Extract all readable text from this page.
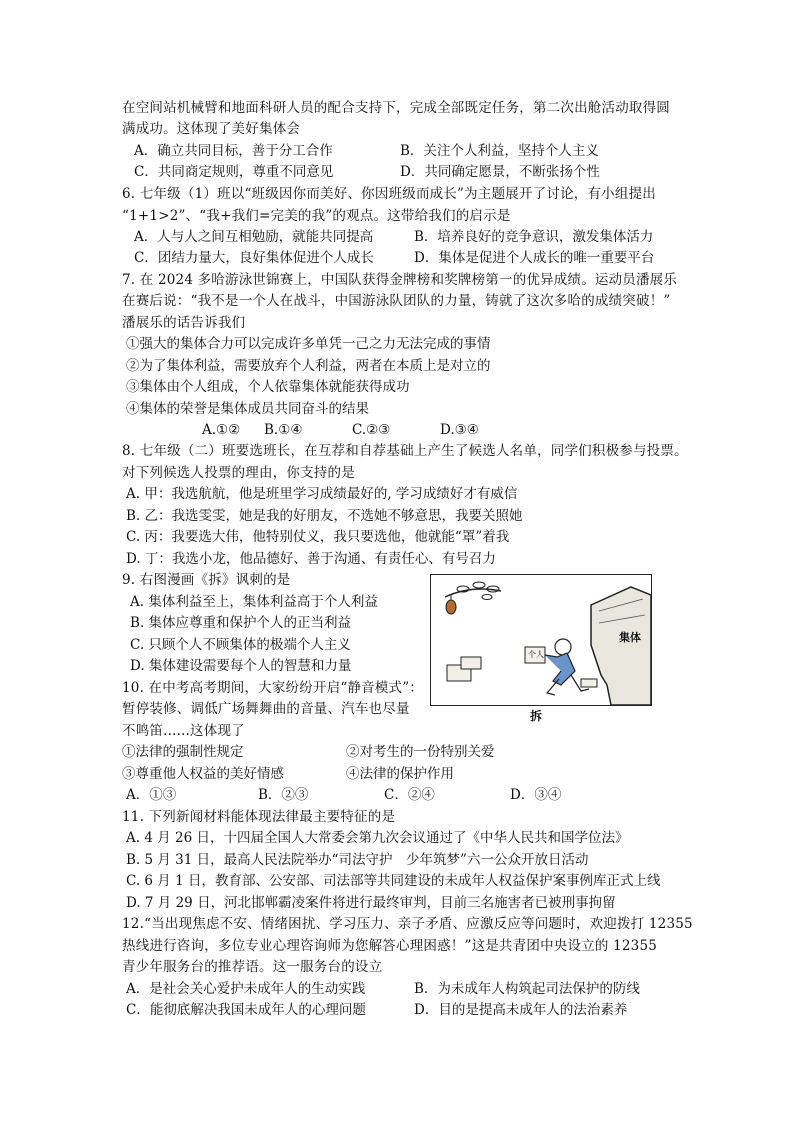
在空间站机械臂和地面科研人员的配合支持下，完成全部既定任务，第二次出舱活动取得圆
满成功。这体现了美好集体会
A．确立共同目标，善于分工合作	B．关注个人利益，坚持个人主义
C．共同商定规则，尊重不同意见	D．共同确定愿景，不断张扬个性
6. 七年级（1）班以“班级因你而美好、你因班级而成长”为主题展开了讨论，有小组提出
“1+1>2”、“我+我们=完美的我”的观点。这带给我们的启示是
A．人与人之间互相勉励，就能共同提高	B．培养良好的竞争意识，激发集体活力
C．团结力量大，良好集体促进个人成长	D．集体是促进个人成长的唯一重要平台
7. 在 2024 多哈游泳世锦赛上，中国队获得金牌榜和奖牌榜第一的优异成绩。运动员潘展乐
在赛后说：“我不是一个人在战斗，中国游泳队团队的力量，铸就了这次多哈的成绩突破！”
潘展乐的话告诉我们
①强大的集体合力可以完成许多单凭一己之力无法完成的事情
②为了集体利益，需要放弃个人利益，两者在本质上是对立的
③集体由个人组成，个人依靠集体就能获得成功
④集体的荣誉是集体成员共同奋斗的结果
A.①② B.①④	C.②③	D.③④
8. 七年级（二）班要选班长，在互荐和自荐基础上产生了候选人名单，同学们积极参与投票。
对下列候选人投票的理由，你支持的是
A. 甲：我选航航，他是班里学习成绩最好的, 学习成绩好才有威信
B. 乙：我选雯雯，她是我的好朋友，不选她不够意思，我要关照她
C. 丙：我要选大伟，他特别仗义，我只要选他，他就能“罩”着我
D. 丁：我选小龙，他品德好、善于沟通、有责任心、有号召力
9. 右图漫画《拆》讽刺的是
A. 集体利益至上，集体利益高于个人利益
B. 集体应尊重和保护个人的正当利益
C. 只顾个人不顾集体的极端个人主义
D. 集体建设需要每个人的智慧和力量
集体
个人
拆
10. 在中考高考期间，大家纷纷开启“静音模式”：
暂停装修、调低广场舞舞曲的音量、汽车也尽量
不鸣笛......这体现了
①法律的强制性规定	②对考生的一份特别关爱
③尊重他人权益的美好情感	④法律的保护作用
A．①③	B．②③	C．②④	D．③④
11. 下列新闻材料能体现法律最主要特征的是
A. 4 月 26 日，十四届全国人大常委会第九次会议通过了《中华人民共和国学位法》
B. 5 月 31 日，最高人民法院举办“司法守护　少年筑梦”六一公众开放日活动
C. 6 月 1 日，教育部、公安部、司法部等共同建设的未成年人权益保护案事例库正式上线
D. 7 月 29 日，河北邯郸霸凌案件将进行最终审判，目前三名施害者已被刑事拘留
12.“当出现焦虑不安、情绪困扰、学习压力、亲子矛盾、应激反应等问题时，欢迎拨打 12355
热线进行咨询，多位专业心理咨询师为您解答心理困惑！”这是共青团中央设立的 12355
青少年服务台的推荐语。这一服务台的设立
A．是社会关心爱护未成年人的生动实践	B．为未成年人构筑起司法保护的防线
C．能彻底解决我国未成年人的心理问题	D．目的是提高未成年人的法治素养
